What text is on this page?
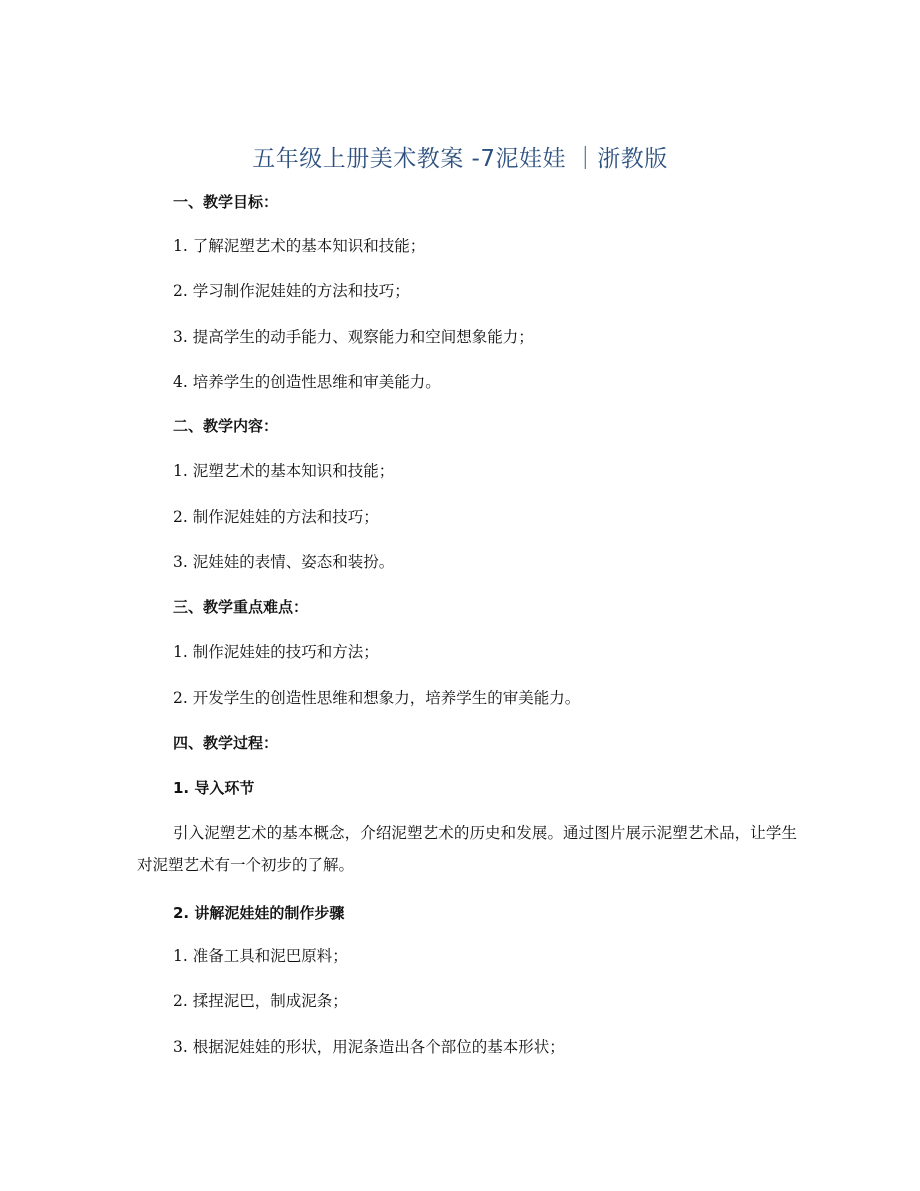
五年级上册美术教案 -7泥娃娃 ｜浙教版
一、教学目标：
1. 了解泥塑艺术的基本知识和技能；
2. 学习制作泥娃娃的方法和技巧；
3. 提高学生的动手能力、观察能力和空间想象能力；
4. 培养学生的创造性思维和审美能力。
二、教学内容：
1. 泥塑艺术的基本知识和技能；
2. 制作泥娃娃的方法和技巧；
3. 泥娃娃的表情、姿态和装扮。
三、教学重点难点：
1. 制作泥娃娃的技巧和方法；
2. 开发学生的创造性思维和想象力，培养学生的审美能力。
四、教学过程：
1. 导入环节
引入泥塑艺术的基本概念，介绍泥塑艺术的历史和发展。通过图片展示泥塑艺术品，让学生对泥塑艺术有一个初步的了解。
2. 讲解泥娃娃的制作步骤
1. 准备工具和泥巴原料；
2. 揉捏泥巴，制成泥条；
3. 根据泥娃娃的形状，用泥条造出各个部位的基本形状；
